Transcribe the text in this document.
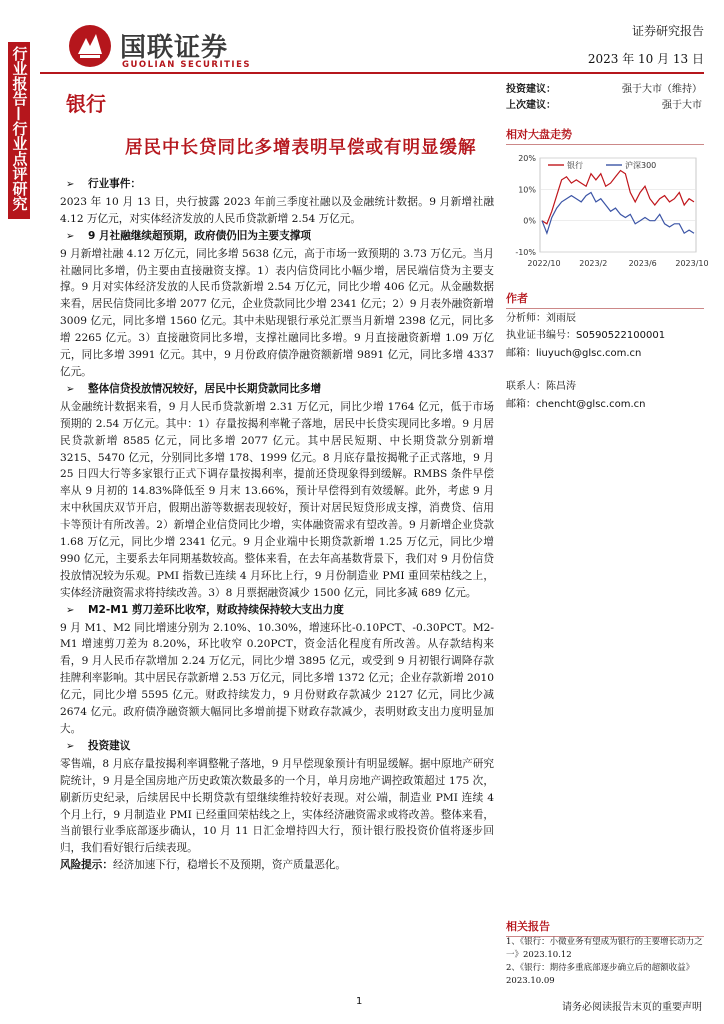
行业报告—行业点评研究	国联证券
GUOLIAN SECURITIES
证券研究报告
2023 年 10 月 13 日
银行
居民中长贷同比多增表明早偿或有明显缓解
➢ 行业事件：

2023 年 10 月 13 日，央行披露 2023 年前三季度社融以及金融统计数据。9 月新增社融 4.12 万亿元，对实体经济发放的人民币贷款新增 2.54 万亿元。

➢ 9 月社融继续超预期，政府债仍旧为主要支撑项

9 月新增社融 4.12 万亿元，同比多增 5638 亿元，高于市场一致预期的 3.73 万亿元。当月社融同比多增，仍主要由直接融资支撑。1）表内信贷同比小幅少增，居民端信贷为主要支撑。9 月对实体经济发放的人民币贷款新增 2.54 万亿元，同比少增 406 亿元。从金融数据来看，居民信贷同比多增 2077 亿元，企业贷款同比少增 2341 亿元；2）9 月表外融资新增 3009 亿元，同比多增 1560 亿元。其中未贴现银行承兑汇票当月新增 2398 亿元，同比多增 2265 亿元。3）直接融资同比多增，支撑社融同比多增。9 月直接融资新增 1.09 万亿元，同比多增 3991 亿元。其中，9 月份政府债净融资额新增 9891 亿元，同比多增 4337 亿元。

➢ 整体信贷投放情况较好，居民中长期贷款同比多增

从金融统计数据来看，9 月人民币贷款新增 2.31 万亿元，同比少增 1764 亿元，低于市场预期的 2.54 万亿元。其中：1）存量按揭利率靴子落地，居民中长贷实现同比多增。9 月居民贷款新增 8585 亿元，同比多增 2077 亿元。其中居民短期、中长期贷款分别新增 3215、5470 亿元，分别同比多增 178、1999 亿元。8 月底存量按揭靴子正式落地，9 月 25 日四大行等多家银行正式下调存量按揭利率，提前还贷现象得到缓解。RMBS 条件早偿率从 9 月初的 14.83%降低至 9 月末 13.66%，预计早偿得到有效缓解。此外，考虑 9 月末中秋国庆双节开启，假期出游等数据表现较好，预计对居民短贷形成支撑，消费贷、信用卡等预计有所改善。2）新增企业信贷同比少增，实体融资需求有望改善。9 月新增企业贷款 1.68 万亿元，同比少增 2341 亿元。9 月企业端中长期贷款新增 1.25 万亿元，同比少增 990 亿元，主要系去年同期基数较高。整体来看，在去年高基数背景下，我们对 9 月份信贷投放情况较为乐观。PMI 指数已连续 4 月环比上行，9 月份制造业 PMI 重回荣枯线之上，实体经济融资需求将持续改善。3）8 月票据融资减少 1500 亿元，同比多减 689 亿元。

➢ M2-M1 剪刀差环比收窄，财政持续保持较大支出力度

9 月 M1、M2 同比增速分别为 2.10%、10.30%，增速环比-0.10PCT、-0.30PCT。M2-M1 增速剪刀差为 8.20%，环比收窄 0.20PCT，资金活化程度有所改善。从存款结构来看，9 月人民币存款增加 2.24 万亿元，同比少增 3895 亿元，或受到 9 月初银行调降存款挂牌利率影响。其中居民存款新增 2.53 万亿元，同比多增 1372 亿元；企业存款新增 2010 亿元，同比少增 5595 亿元。财政持续发力，9 月份财政存款减少 2127 亿元，同比少减 2674 亿元。政府债净融资额大幅同比多增前提下财政存款减少，表明财政支出力度明显加大。

➢ 投资建议

零售端，8 月底存量按揭利率调整靴子落地，9 月早偿现象预计有明显缓解。据中原地产研究院统计，9 月是全国房地产历史政策次数最多的一个月，单月房地产调控政策超过 175 次，刷新历史纪录，后续居民中长期贷款有望继续维持较好表现。对公端，制造业 PMI 连续 4 个月上行，9 月制造业 PMI 已经重回荣枯线之上，实体经济融资需求或将改善。整体来看，当前银行业季底部逐步确认，10 月 11 日汇金增持四大行，预计银行股投资价值将逐步回归，我们看好银行后续表现。

风险提示：经济加速下行，稳增长不及预期，资产质量恶化。

投资建议：	强于大市（维持）
上次建议：	强于大市
相对大盘走势
20%
10%
0%
-10%
2022/10 2023/2	2023/6 2023/10
银行	沪深300
作者
分析师：刘雨辰
执业证书编号：S0590522100001
邮箱：liuyuch@glsc.com.cn
联系人：陈昌涛
邮箱：chencht@glsc.com.cn
相关报告
1、《银行：小微业务有望成为银行的主要增长动力之一》2023.10.12
2、《银行：期待多重底部逐步确立后的超额收益》2023.10.09
1
请务必阅读报告末页的重要声明
